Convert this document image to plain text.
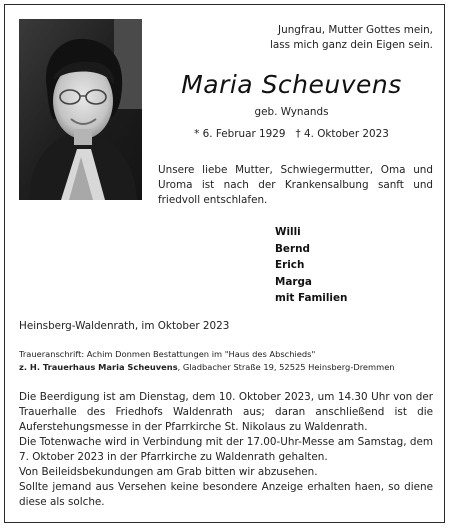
Jungfrau, Mutter Gottes mein,
lass mich ganz dein Eigen sein.
Maria Scheuvens
geb. Wynands
* 6. Februar 1929 † 4. Oktober 2023
Unsere liebe Mutter, Schwiegermutter, Oma und Uroma ist nach der Krankensalbung sanft und friedvoll entschlafen.
Willi
Bernd
Erich
Marga
mit Familien
Heinsberg-Waldenrath, im Oktober 2023
Traueranschrift: Achim Donmen Bestattungen im "Haus des Abschieds"
z. H. Trauerhaus Maria Scheuvens, Gladbacher Straße 19, 52525 Heinsberg-Dremmen

Die Beerdigung ist am Dienstag, dem 10. Oktober 2023, um 14.30 Uhr von der Trauerhalle des Friedhofs Waldenrath aus; daran anschließend ist die Auferstehungsmesse in der Pfarrkirche St. Nikolaus zu Waldenrath.

Die Totenwache wird in Verbindung mit der 17.00-Uhr-Messe am Samstag, dem 7. Oktober 2023 in der Pfarrkirche zu Waldenrath gehalten.

Von Beileidsbekundungen am Grab bitten wir abzusehen.

Sollte jemand aus Versehen keine besondere Anzeige erhalten haen, so diene diese als solche.
